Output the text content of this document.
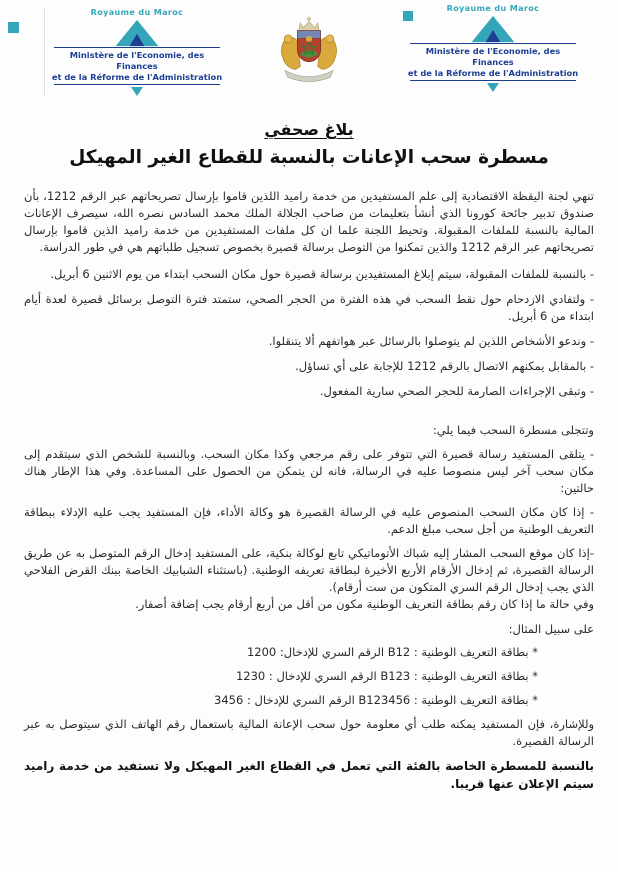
Royaume du Maroc
Ministère de l'Economie, des Finances
et de la Réforme de l'Administration
Royaume du Maroc
Ministère de l'Economie, des Finances
et de la Réforme de l'Administration
بلاغ صحفي
مسطرة سحب الإعانات بالنسبة للقطاع الغير المهيكل

تنهي لجنة اليقظة الاقتصادية إلى علم المستفيدين من خدمة راميد اللذين قاموا بإرسال تصريحاتهم عبر الرقم 1212، بأن صندوق تدبير جائحة كورونا الذي أنشأ بتعليمات من صاحب الجلالة الملك محمد السادس نصره الله، سيصرف الإعانات المالية بالنسبة للملفات المقبولة. وتحيط اللجنة علما ان كل ملفات المستفيدين من خدمة راميد الذين قاموا بإرسال تصريحاتهم عبر الرقم 1212 والذين تمكنوا من التوصل برسالة قصيرة بخصوص تسجيل طلباتهم هي في طور الدراسة.

- بالنسبة للملفات المقبولة، سيتم إبلاغ المستفيدين برسالة قصيرة حول مكان السحب ابتداء من يوم الاثنين 6 أبريل.

- ولتفادي الازدحام حول نقط السحب في هذه الفترة من الحجر الصحي، ستمتد فترة التوصل برسائل قصيرة لعدة أيام ابتداء من 6 أبريل.

- وندعو الأشخاص اللذين لم يتوصلوا بالرسائل عبر هواتفهم ألا يتنقلوا.

- بالمقابل يمكنهم الاتصال بالرقم 1212 للإجابة على أي تساؤل.

- وتبقى الإجراءات الصارمة للحجر الصحي سارية المفعول.

وتتجلى مسطرة السحب فيما يلي:

- يتلقى المستفيد رسالة قصيرة التي تتوفر على رقم مرجعي وكذا مكان السحب. وبالنسبة للشخص الذي سيتقدم إلى مكان سحب آخر ليس منصوصا عليه في الرسالة، فانه لن يتمكن من الحصول على المساعدة. وفي هذا الإطار هناك حالتين:

- إذا كان مكان السحب المنصوص عليه في الرسالة القصيرة هو وكالة الأداء، فإن المستفيد يجب عليه الإدلاء ببطاقة التعريف الوطنية من أجل سحب مبلغ الدعم.

-إذا كان موقع السحب المشار إليه شباك الأتوماتيكي تابع لوكالة بنكية، على المستفيد إدخال الرقم المتوصل به عن طريق الرسالة القصيرة، ثم إدخال الأرقام الأربع الأخيرة لبطاقة تعريفه الوطنية. (باستثناء الشبابيك الخاصة ببنك القرض الفلاحي الذي يجب إدخال الرقم السري المتكون من ست أرقام).

وفي حالة ما إذا كان رقم بطاقة التعريف الوطنية مكون من أقل من أربع أرقام يجب إضافة أصفار.

على سبيل المثال:

* بطاقة التعريف الوطنية : B12 الرقم السري للإدخال: 1200

* بطاقة التعريف الوطنية : B123 الرقم السري للإدخال : 1230

* بطاقة التعريف الوطنية : B123456 الرقم السري للإدخال : 3456

وللإشارة، فإن المستفيد يمكنه طلب أي معلومة حول سحب الإعانة المالية باستعمال رقم الهاتف الذي سيتوصل به عبر الرسالة القصيرة.

بالنسبة للمسطرة الخاصة بالفئة التي تعمل في القطاع الغير المهيكل ولا تستفيد من خدمة راميد سيتم الإعلان عنها قريبا.
